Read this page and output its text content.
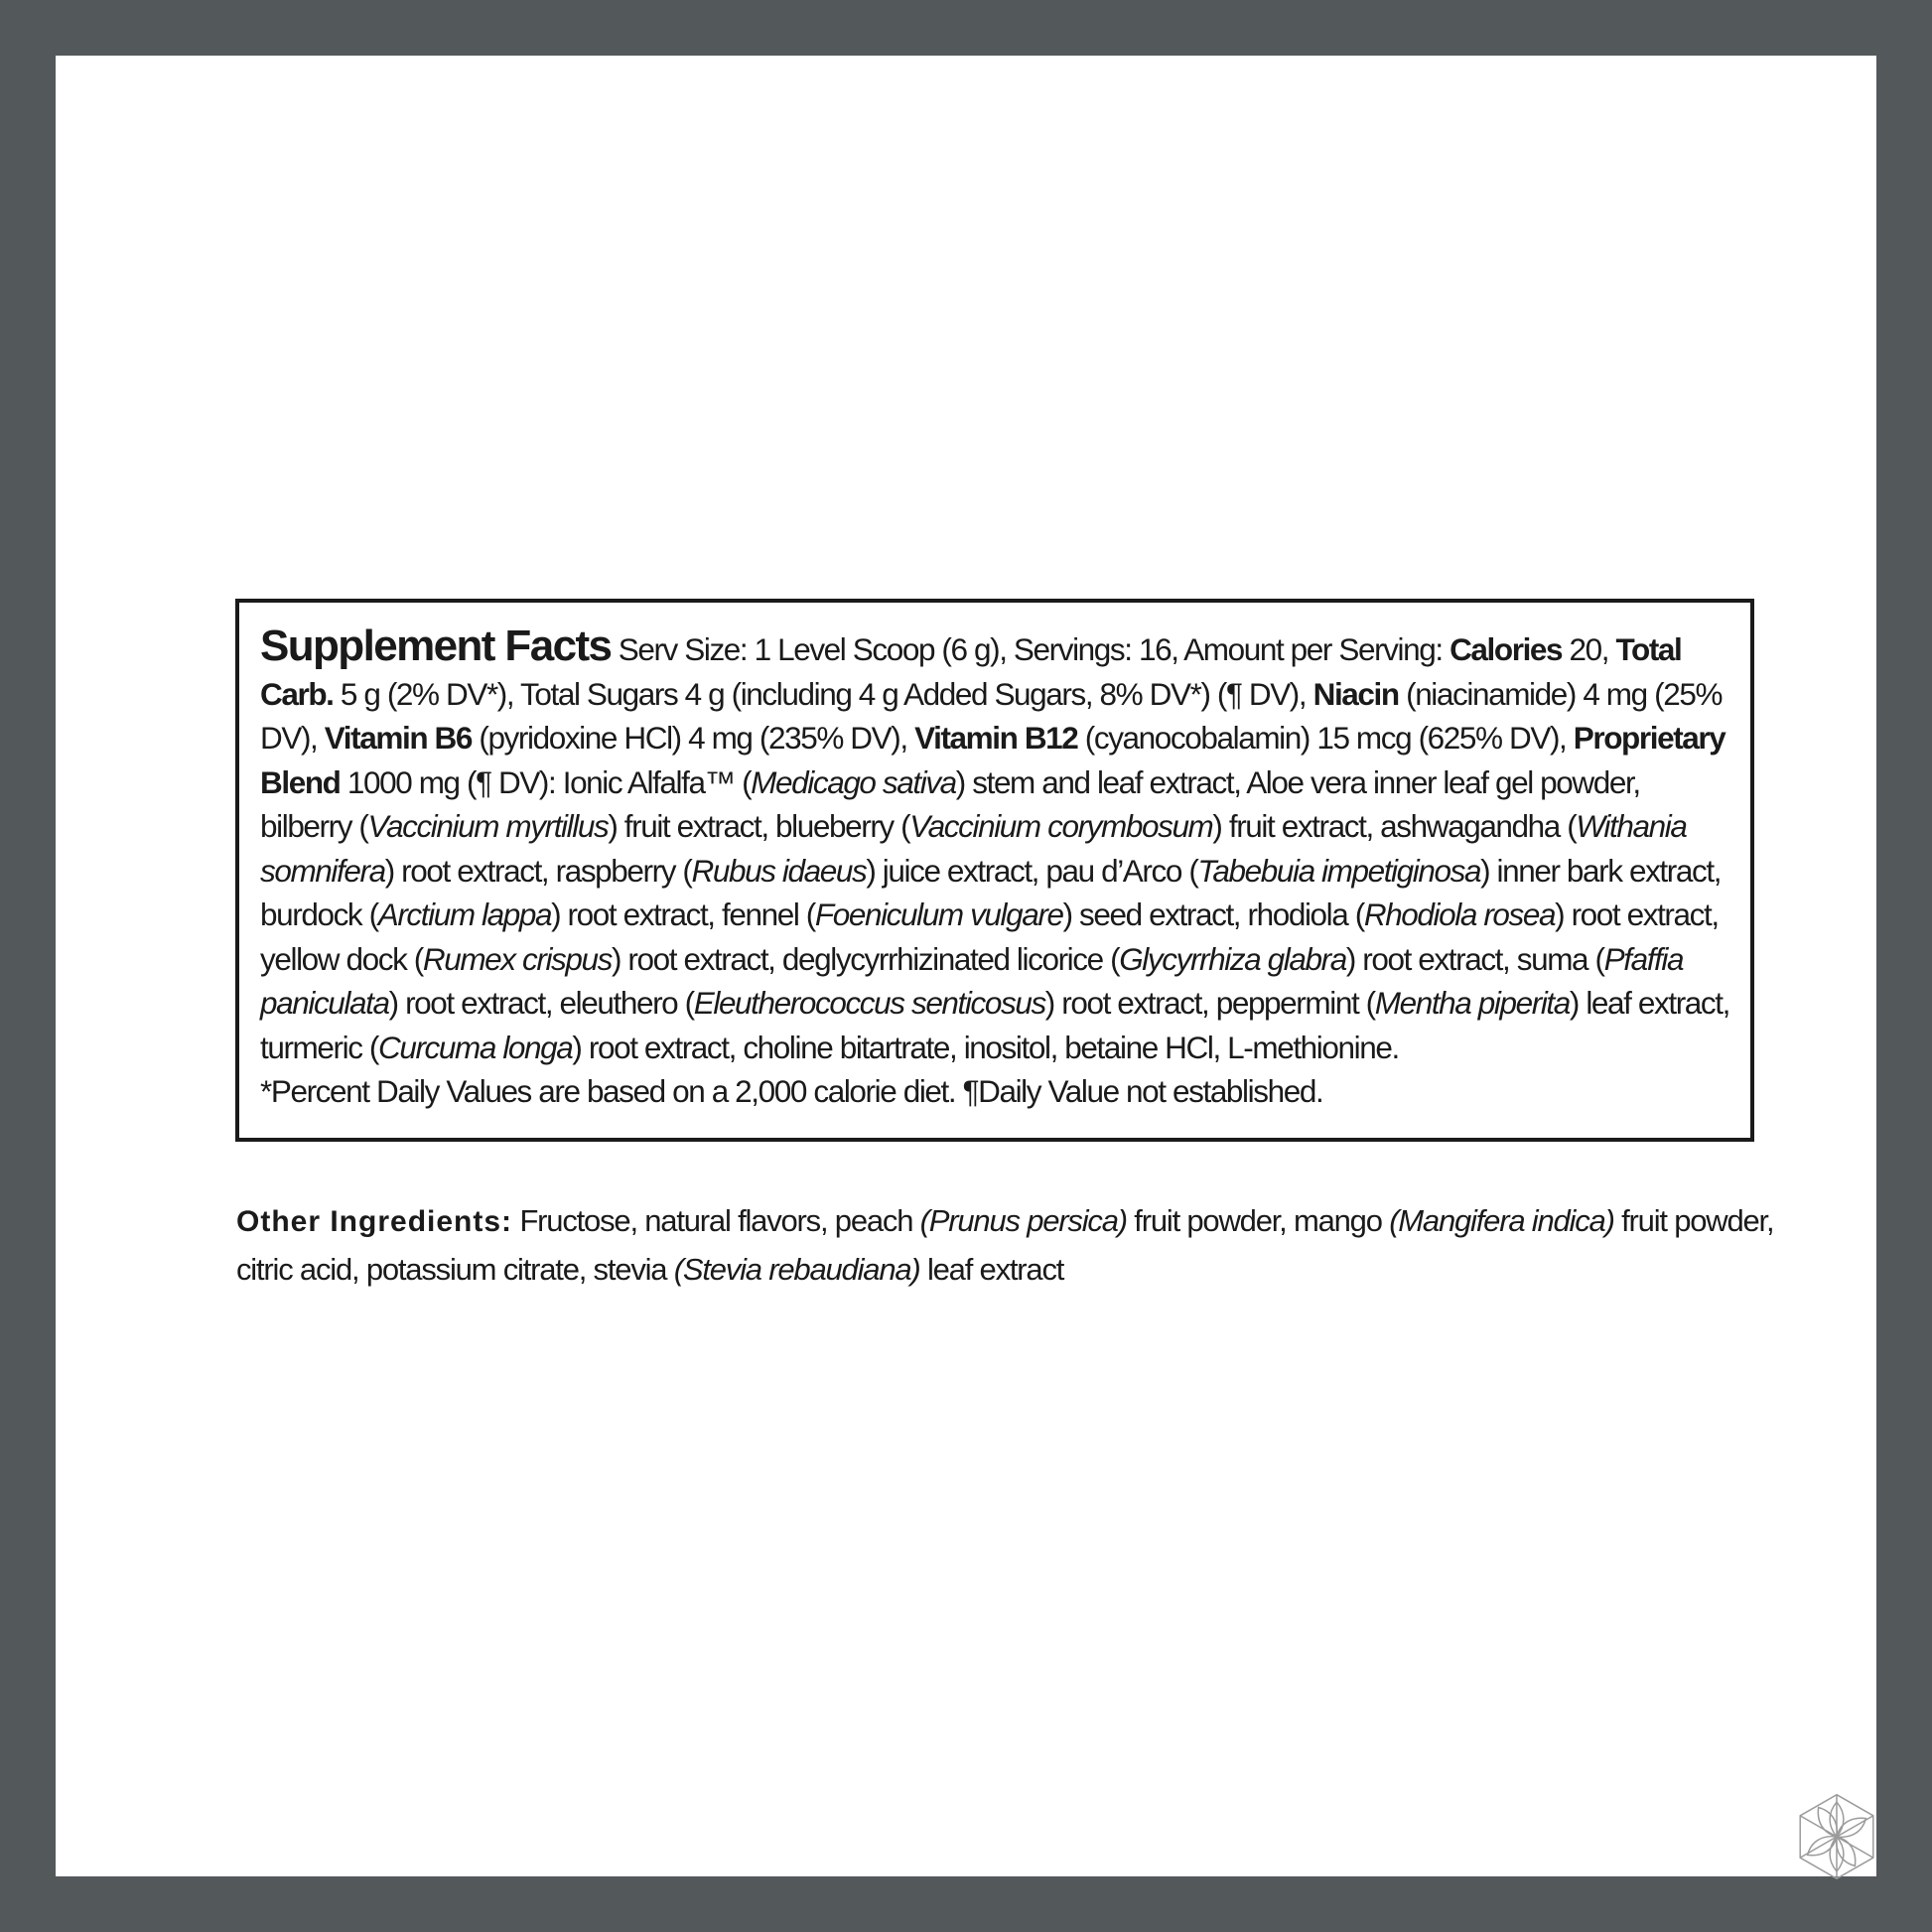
Supplement Facts Serv Size: 1 Level Scoop (6 g), Servings: 16, Amount per Serving: Calories 20, Total Carb. 5 g (2% DV*), Total Sugars 4 g (including 4 g Added Sugars, 8% DV*) (¶ DV), Niacin (niacinamide) 4 mg (25% DV), Vitamin B6 (pyridoxine HCl) 4 mg (235% DV), Vitamin B12 (cyanocobalamin) 15 mcg (625% DV), Proprietary Blend 1000 mg (¶ DV): Ionic Alfalfa™ (Medicago sativa) stem and leaf extract, Aloe vera inner leaf gel powder, bilberry (Vaccinium myrtillus) fruit extract, blueberry (Vaccinium corymbosum) fruit extract, ashwagandha (Withania somnifera) root extract, raspberry (Rubus idaeus) juice extract, pau d’Arco (Tabebuia impetiginosa) inner bark extract, burdock (Arctium lappa) root extract, fennel (Foeniculum vulgare) seed extract, rhodiola (Rhodiola rosea) root extract, yellow dock (Rumex crispus) root extract, deglycyrrhizinated licorice (Glycyrrhiza glabra) root extract, suma (Pfaffia paniculata) root extract, eleuthero (Eleutherococcus senticosus) root extract, peppermint (Mentha piperita) leaf extract, turmeric (Curcuma longa) root extract, choline bitartrate, inositol, betaine HCl, L-methionine.

*Percent Daily Values are based on a 2,000 calorie diet. ¶Daily Value not established.

Other Ingredients: Fructose, natural flavors, peach (Prunus persica) fruit powder, mango (Mangifera indica) fruit powder, citric acid, potassium citrate, stevia (Stevia rebaudiana) leaf extract
